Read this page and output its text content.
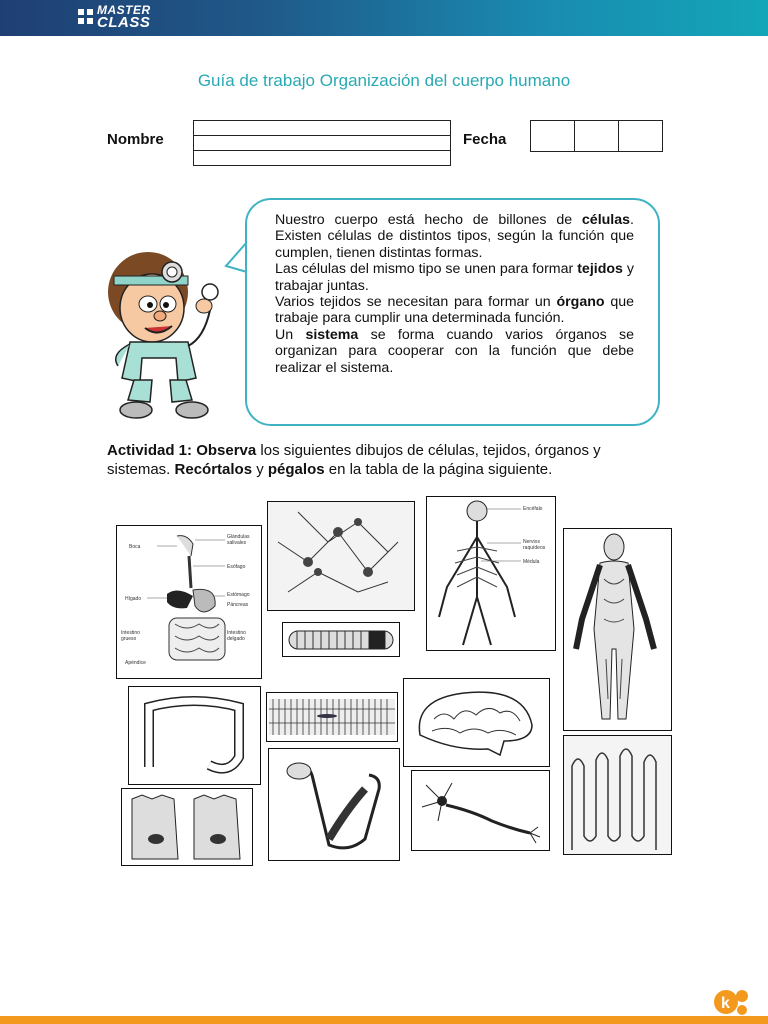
MASTER
CLASS
Guía de trabajo Organización del cuerpo humano
Nombre	Fecha

Nuestro cuerpo está hecho de billones de células. Existen células de distintos tipos, según la función que cumplen, tienen distintas formas.
Las células del mismo tipo se unen para formar tejidos y trabajar juntas.
Varios tejidos se necesitan para formar un órgano que trabaje para cumplir una determinada función.
Un sistema se forma cuando varios órganos se organizan para cooperar con la función que debe realizar el sistema.

Actividad 1: Observa los siguientes dibujos de células, tejidos, órganos y sistemas. Recórtalos y pégalos en la tabla de la página siguiente.
Boca
Glándulas salivales
Esófago
Hígado
Estómago
Páncreas
Intestino grueso
Intestino delgado
Apéndice
Encéfalo
Nervios raquídeos
Médula
k
